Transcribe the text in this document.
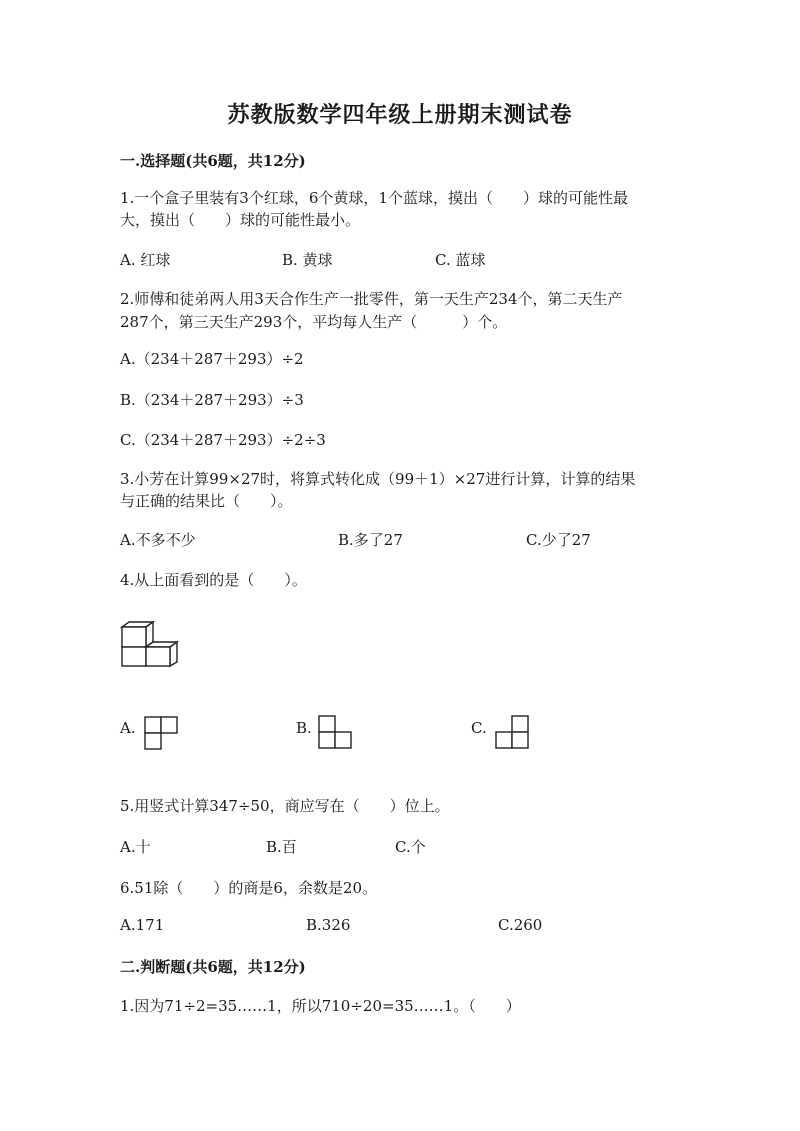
苏教版数学四年级上册期末测试卷
一.选择题(共6题，共12分)
1.一个盒子里装有3个红球，6个黄球，1个蓝球，摸出（　　）球的可能性最
大，摸出（　　）球的可能性最小。
A. 红球	B. 黄球	C. 蓝球
2.师傅和徒弟两人用3天合作生产一批零件，第一天生产234个，第二天生产
287个，第三天生产293个，平均每人生产（　　　）个。
A.（234＋287＋293）÷2
B.（234＋287＋293）÷3
C.（234＋287＋293）÷2÷3
3.小芳在计算99×27时，将算式转化成（99＋1）×27进行计算，计算的结果
与正确的结果比（　　）。
A.不多不少	B.多了27	C.少了27
4.从上面看到的是（　　）。
A.	B.	C.
5.用竖式计算347÷50，商应写在（　　）位上。
A.十	B.百	C.个
6.51除（　　）的商是6，余数是20。
A.171	B.326	C.260
二.判断题(共6题，共12分)
1.因为71÷2=35……1，所以710÷20=35……1。（　　）
